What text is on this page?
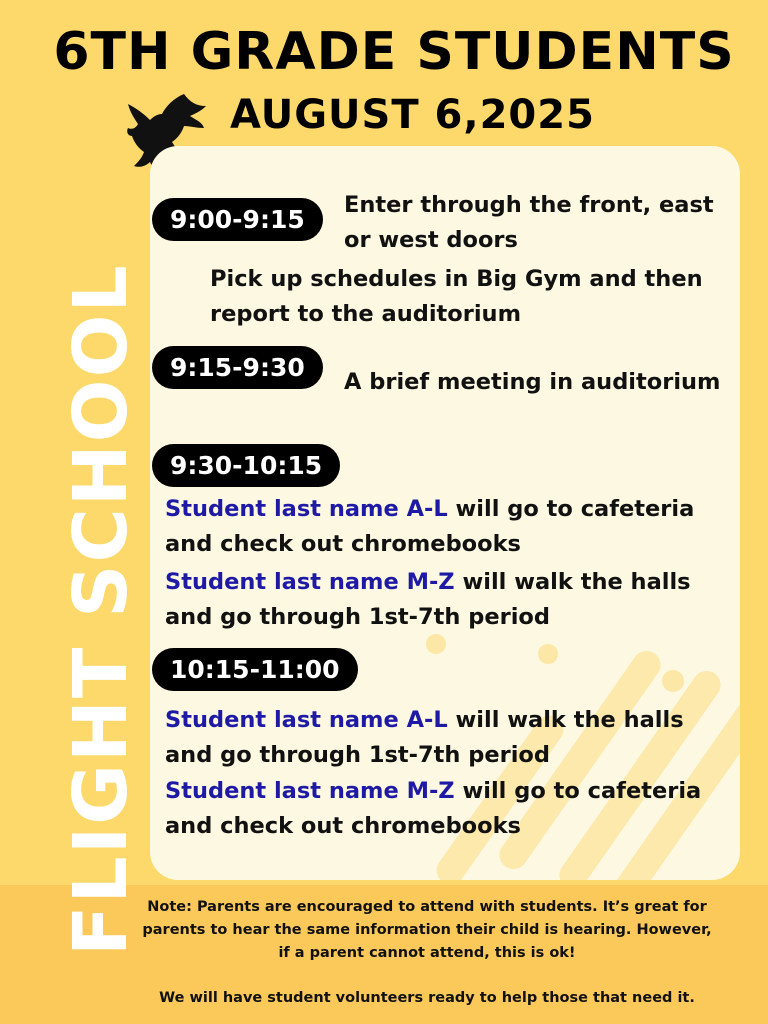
6TH GRADE STUDENTS
AUGUST 6,2025
FLIGHT SCHOOL
9:00-9:15	Enter through the front, east
or west doors
Pick up schedules in Big Gym and then
report to the auditorium
9:15-9:30	A brief meeting in auditorium
9:30-10:15
Student last name A-L will go to cafeteria
and check out chromebooks
Student last name M-Z will walk the halls
and go through 1st-7th period
10:15-11:00
Student last name A-L will walk the halls
and go through 1st-7th period
Student last name M-Z will go to cafeteria
and check out chromebooks
Note: Parents are encouraged to attend with students. It’s great for
parents to hear the same information their child is hearing. However,
if a parent cannot attend, this is ok!
We will have student volunteers ready to help those that need it.
